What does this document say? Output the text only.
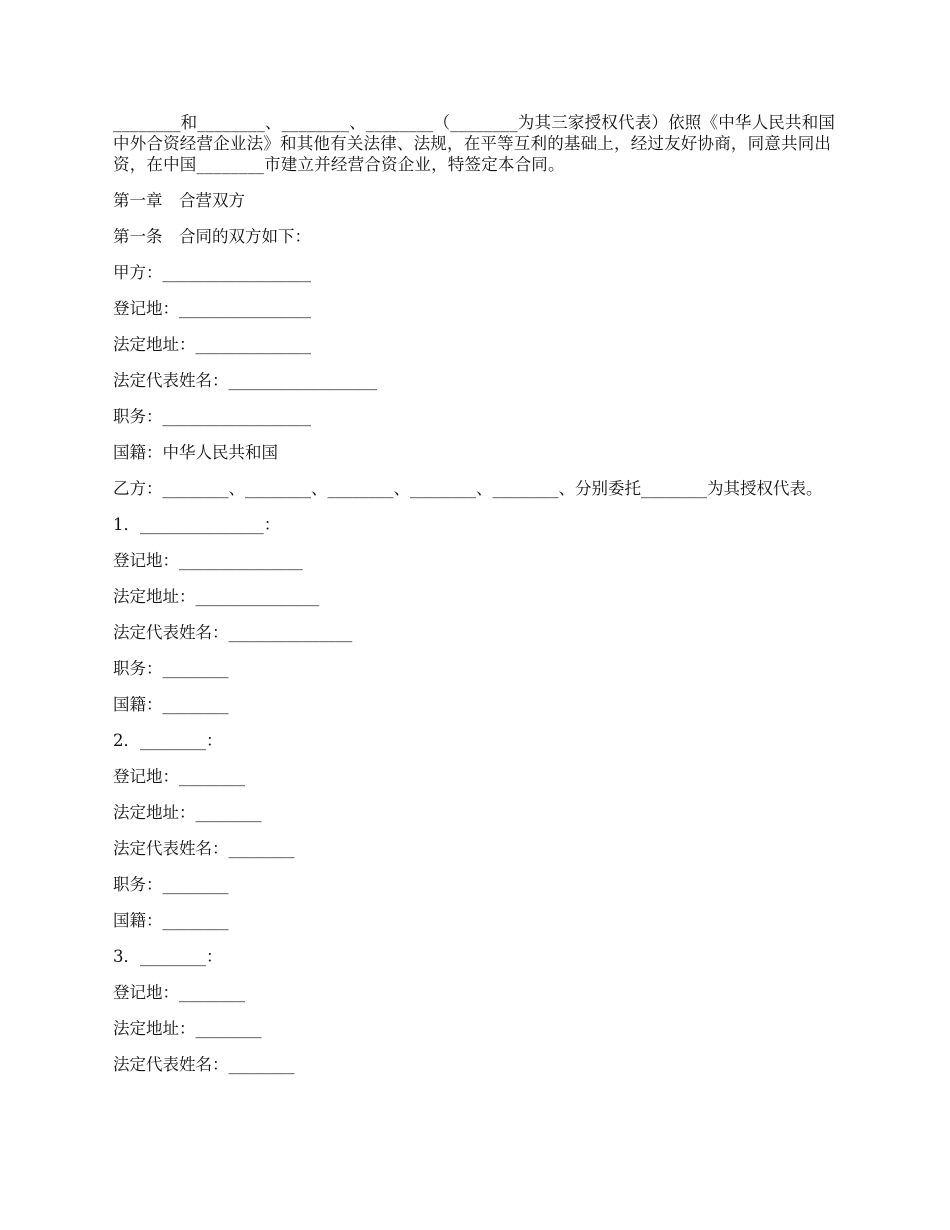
________和________、________、________（________为其三家授权代表）依照《中华人民共和国中外合资经营企业法》和其他有关法律、法规，在平等互利的基础上，经过友好协商，同意共同出资，在中国________市建立并经营合资企业，特签定本合同。

第一章　合营双方

第一条　合同的双方如下：

甲方：__________________

登记地：________________

法定地址：______________

法定代表姓名：__________________

职务：__________________

国籍：中华人民共和国

乙方：________、________、________、________、________、分别委托________为其授权代表。

1．_______________：

登记地：_______________

法定地址：_______________

法定代表姓名：_______________

职务：________

国籍：________

2．________：

登记地：________

法定地址：________

法定代表姓名：________

职务：________

国籍：________

3．________：

登记地：________

法定地址：________

法定代表姓名：________
